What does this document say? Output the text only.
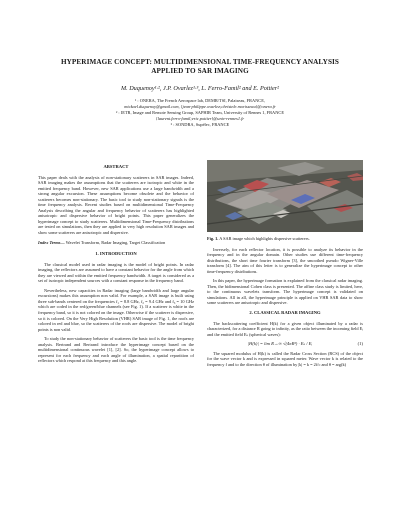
HYPERIMAGE CONCEPT: MULTIDIMENSIONAL TIME-FREQUENCY ANALYSIS
APPLIED TO SAR IMAGING
M. Duquenoy¹·², J.P. Ovarlez¹·³, L. Ferro-Famil² and E. Pottier²
¹ : ONERA, The French Aerospace lab, DEMR/TSI, Palaiseau, FRANCE,
mickael.duquenoy@gmail.com, {jean-philippe.ovarlez;christele.morisseau}@onera.fr
² : IETR, Image and Remote Sensing Group, SAPHIR Team, University of Rennes 1, FRANCE
{laurent.ferro-famil;eric.pottier}@univ-rennes1.fr
³ : SONDRA, Supélec, FRANCE
ABSTRACT

This paper deals with the analysis of non-stationary scatterers in SAR images. Indeed, SAR imaging makes the assumptions that the scatterers are isotropic and white in the emitted frequency band. However, new SAR applications use a large bandwidth and a strong angular excursion. These assumptions become obsolete and the behavior of scatterers becomes non-stationary. The basic tool to study non-stationary signals is the time frequency analysis. Recent studies based on multidimensional Time-Frequency Analysis describing the angular and frequency behavior of scatterers has highlighted anisotropic and dispersive behavior of bright points. This paper generalizes the hyperimage concept to study scatterers. Multidimensional Time-Frequency distributions are tested on simulations, then they are applied to very high resolution SAR images and show some scatterers are anisotropic and dispersive.

Index Terms— Wavelet Transform, Radar Imaging, Target Classification

1. INTRODUCTION

The classical model used in radar imaging is the model of bright points. In radar imaging, the reflectors are assumed to have a constant behavior for the angle from which they are viewed and within the emitted frequency bandwidth. A target is considered as a set of isotropic independent sources with a constant response in the frequency band.

Nevertheless, new capacities in Radar imaging (large bandwidth and large angular excursions) makes this assumption non valid. For example, a SAR image is built using three sub-bands centered on the frequencies f₁ = 8.8 GHz, f₂ = 9.4 GHz and f₃ = 10 GHz which are coded in the red/green/blue channels (see Fig. 1). If a scatterer is white in the frequency band, so it is not colored on the image. Otherwise if the scatterer is dispersive, so it is colored. On the Very High Resolution (VHR) SAR image of Fig. 1, the roofs are colored in red and blue, so the scatterers of the roofs are dispersive. The model of bright points is non valid.

To study the non-stationary behavior of scatterers the basic tool is the time frequency analysis. Bertrand and Bertrand introduce the hyperimage concept based on the multidimensional continuous wavelet [1], [2]. So, the hyperimage concept allows to represent for each frequency and each angle of illumination, a spatial repartition of reflectors which respond at this frequency and this angle.

Fig. 1. A SAR image which highlights dispersive scatterers.

Inversely, for each reflector location, it is possible to analyze its behavior in the frequency and in the angular domain. Other studies use different time-frequency distributions, the short time fourier transform [3], the smoothed pseudo Wigner-Ville transform [4]. The aim of this letter is to generalize the hyperimage concept to other time-frequency distributions.

In this paper, the hyperimage formation is explained from the classical radar imaging. Then, the bidimensional Cohen class is presented. The affine class study is limited, here, to the continuous wavelets transform. The hyperimage concept is validated on simulations. All in all, the hyperimage principle is applied on VHR SAR data to show some scatterers are anisotropic and dispersive.

2. CLASSICAL RADAR IMAGING

The backscattering coefficient H(k) for a given object illuminated by a radar is characterized, for a distance R going to infinity, as the ratio between the incoming field Eᵢ and the emitted field Eₛ (spherical waves):

|H(k)| = lim R→∞ √(4πR²) · Eₛ / Eᵢ	(1)

The squared modulus of H(k) is called the Radar Cross Section (RCS) of the object for the wave vector k and is expressed in squared meter. Wave vector k is related to the frequency f and to the direction θ of illumination by |k| = k = 2f/c and θ = arg(k)
